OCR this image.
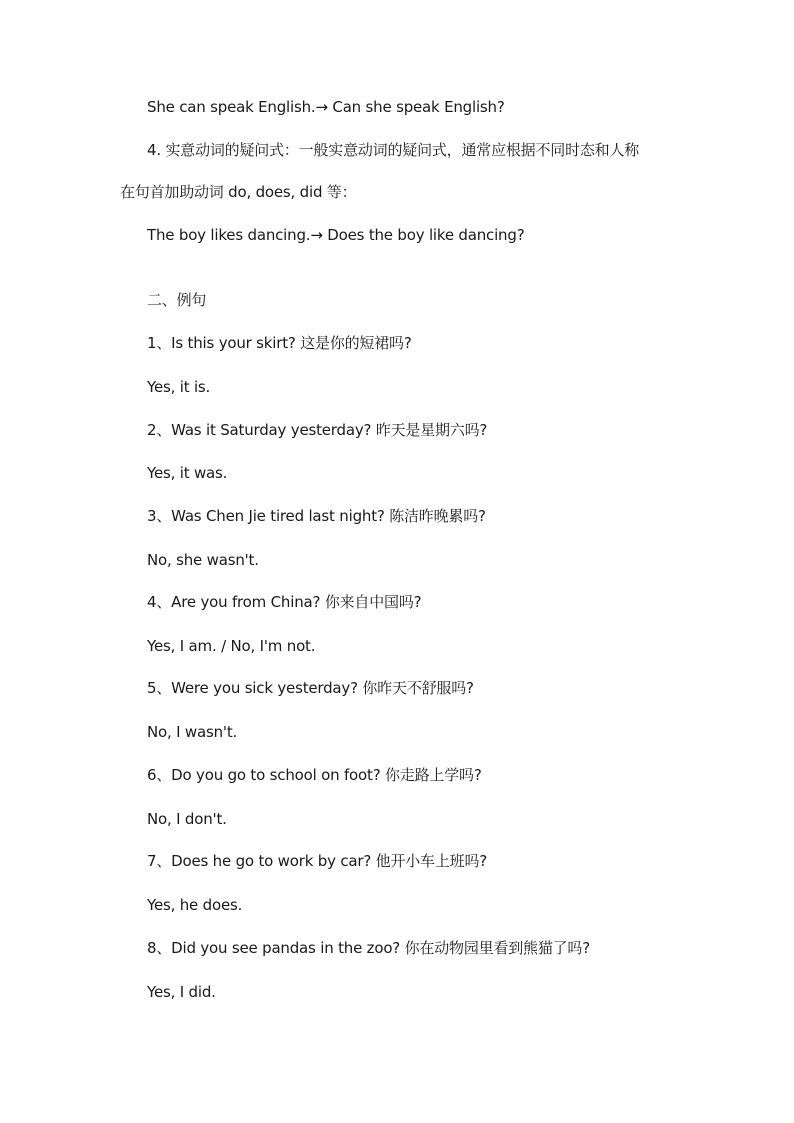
She can speak English.→ Can she speak English?
4. 实意动词的疑问式：一般实意动词的疑问式，通常应根据不同时态和人称
在句首加助动词 do, does, did 等：
The boy likes dancing.→ Does the boy like dancing?
二、例句
1、Is this your skirt? 这是你的短裙吗?
Yes, it is.
2、Was it Saturday yesterday? 昨天是星期六吗?
Yes, it was.
3、Was Chen Jie tired last night? 陈洁昨晚累吗?
No, she wasn't.
4、Are you from China? 你来自中国吗?
Yes, I am. / No, I'm not.
5、Were you sick yesterday? 你昨天不舒服吗?
No, I wasn't.
6、Do you go to school on foot? 你走路上学吗?
No, I don't.
7、Does he go to work by car? 他开小车上班吗?
Yes, he does.
8、Did you see pandas in the zoo? 你在动物园里看到熊猫了吗?
Yes, I did.
